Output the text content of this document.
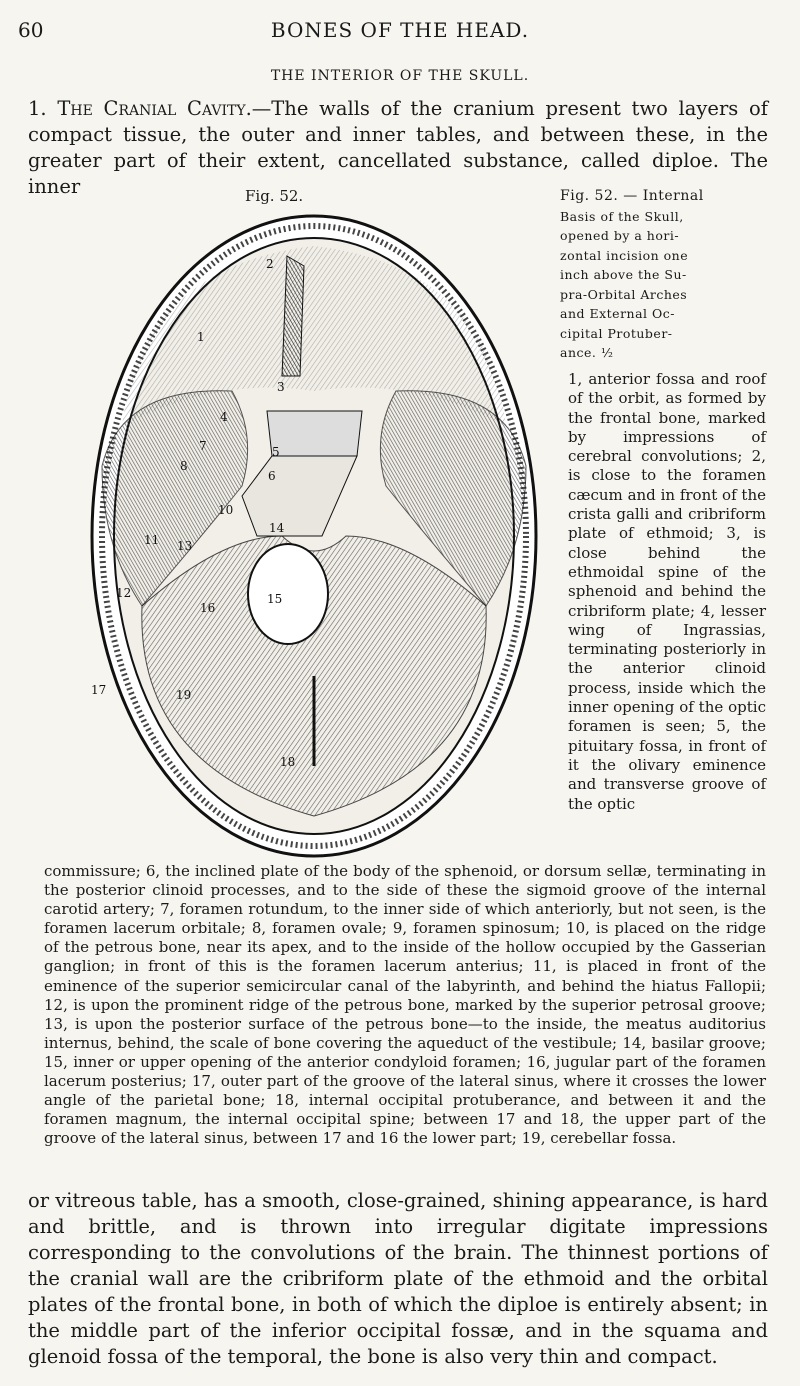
60	BONES OF THE HEAD.
THE INTERIOR OF THE SKULL.
1. The Cranial Cavity.—The walls of the cranium present two layers of compact tissue, the outer and inner tables, and between these, in the greater part of their extent, cancellated substance, called diploe. The inner	Fig. 52.
1
2
3
4
5
6
7
8
10
11 13
14
15
12
16
17	19
18
Fig. 52. — Internal
Basis of the Skull,
opened by a hori-
zontal incision one
inch above the Su-
pra-Orbital Arches
and External Oc-
cipital Protuber-
ance. ½
1, anterior fossa and roof of the orbit, as formed by the frontal bone, marked by impressions of cerebral convolutions; 2, is close to the foramen cæcum and in front of the crista galli and cribriform plate of ethmoid; 3, is close behind the ethmoidal spine of the sphenoid and behind the cribriform plate; 4, lesser wing of Ingrassias, terminating posteriorly in the anterior clinoid process, inside which the inner opening of the optic foramen is seen; 5, the pituitary fossa, in front of it the olivary eminence and transverse groove of the optic
commissure; 6, the inclined plate of the body of the sphenoid, or dorsum sellæ, terminating in the posterior clinoid processes, and to the side of these the sigmoid groove of the internal carotid artery; 7, foramen rotundum, to the inner side of which anteriorly, but not seen, is the foramen lacerum orbitale; 8, foramen ovale; 9, foramen spinosum; 10, is placed on the ridge of the petrous bone, near its apex, and to the inside of the hollow occupied by the Gasserian ganglion; in front of this is the foramen lacerum anterius; 11, is placed in front of the eminence of the superior semicircular canal of the labyrinth, and behind the hiatus Fallopii; 12, is upon the prominent ridge of the petrous bone, marked by the superior petrosal groove; 13, is upon the posterior surface of the petrous bone—to the inside, the meatus auditorius internus, behind, the scale of bone covering the aqueduct of the vestibule; 14, basilar groove; 15, inner or upper opening of the anterior condyloid foramen; 16, jugular part of the foramen lacerum posterius; 17, outer part of the groove of the lateral sinus, where it crosses the lower angle of the parietal bone; 18, internal occipital protuberance, and between it and the foramen magnum, the internal occipital spine; between 17 and 18, the upper part of the groove of the lateral sinus, between 17 and 16 the lower part; 19, cerebellar fossa.
or vitreous table, has a smooth, close-grained, shining appearance, is hard and brittle, and is thrown into irregular digitate impressions corresponding to the convolutions of the brain. The thinnest portions of the cranial wall are the cribriform plate of the ethmoid and the orbital plates of the frontal bone, in both of which the diploe is entirely absent; in the middle part of the inferior occipital fossæ, and in the squama and glenoid fossa of the temporal, the bone is also very thin and compact.
